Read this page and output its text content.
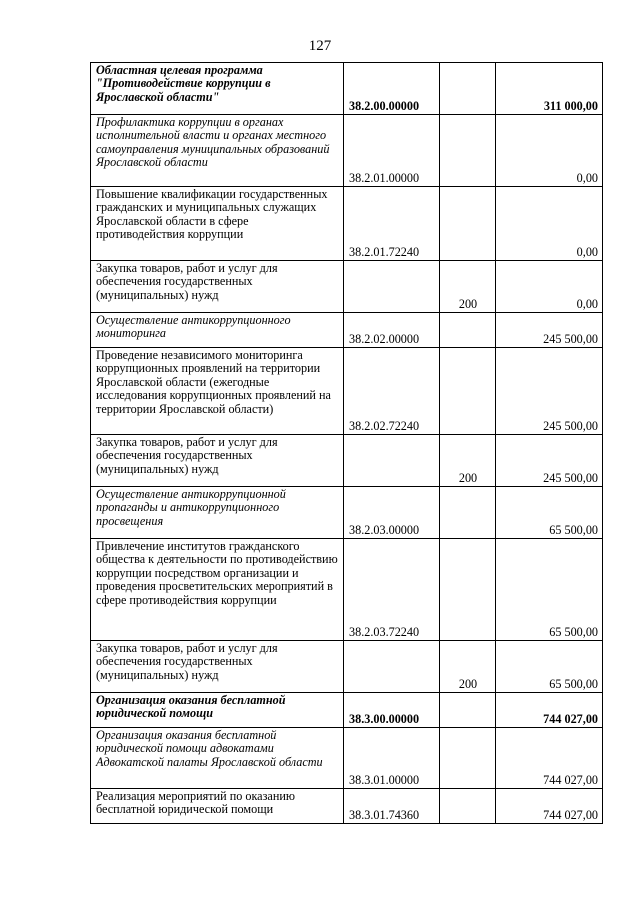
127
Областная целевая программа "Противодействие коррупции в Ярославской области"	38.2.00.00000		311 000,00
Профилактика коррупции в органах исполнительной власти и органах местного самоуправления муниципальных образований Ярославской области	38.2.01.00000		0,00
Повышение квалификации государственных гражданских и муниципальных служащих Ярославской области в сфере противодействия коррупции	38.2.01.72240		0,00
Закупка товаров, работ и услуг для обеспечения государственных (муниципальных) нужд		200	0,00
Осуществление антикоррупционного мониторинга	38.2.02.00000		245 500,00
Проведение независимого мониторинга коррупционных проявлений на территории Ярославской области (ежегодные исследования коррупционных проявлений на территории Ярославской области)	38.2.02.72240		245 500,00
Закупка товаров, работ и услуг для обеспечения государственных (муниципальных) нужд		200	245 500,00
Осуществление антикоррупционной пропаганды и антикоррупционного просвещения	38.2.03.00000		65 500,00
Привлечение институтов гражданского общества к деятельности по противодействию коррупции посредством организации и проведения просветительских мероприятий в сфере противодействия коррупции	38.2.03.72240		65 500,00
Закупка товаров, работ и услуг для обеспечения государственных (муниципальных) нужд		200	65 500,00
Организация оказания бесплатной юридической помощи	38.3.00.00000		744 027,00
Организация оказания бесплатной юридической помощи адвокатами Адвокатской палаты Ярославской области	38.3.01.00000		744 027,00
Реализация мероприятий по оказанию бесплатной юридической помощи	38.3.01.74360		744 027,00
